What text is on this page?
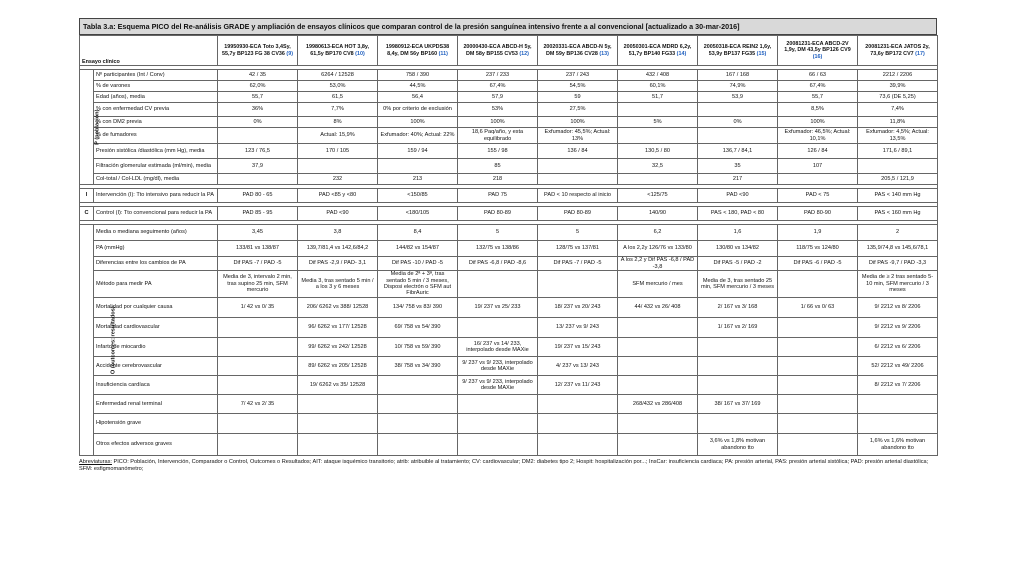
Tabla 3.a: Esquema PICO del Re-análisis GRADE y ampliación de ensayos clínicos que comparan control de la presión sanguínea intensivo frente a al convencional [actualizado a 30-mar-2016]
Ensayo clínico		19950930-ECA Toto 3,4Sy, 55,7y BP123 FG 38 CV36 (9)	19980613-ECA HOT 3,8y, 61,5y BP170 CV8 (10)	19980912-ECA UKPDS38 8,4y, DM 56y BP160 (11)	20000430-ECA ABCD-H 5y, DM 58y BP155 CV53 (12)	20020331-ECA ABCD-N 5y, DM 59y BP136 CV28 (13)	20050301-ECA MDRD 6,2y, 51,7y BP140 FG33 (14)	20050318-ECA REIN2 1,6y, 53,9y BP137 FG35 (15)	20081231-ECA ABCD-2V 1,9y, DM 43,5y BP126 CV9 (16)	20081231-ECA JATOS 2y, 73,6y BP172 CV7 (17)

P (población)	Nº participantes (Int / Conv)	42 / 35	6264 / 12528	758 / 390	237 / 233	237 / 243	432 / 408	167 / 168	66 / 63	2212 / 2206
	% de varones	62,0%	53,0%	44,5%	67,4%	54,5%	60,1%	74,9%	67,4%	39,9%
	Edad (años), media	55,7	61,5	56,4	57,9	59	51,7	53,9	55,7	73,6 (DE 5,25)
	% con enfermedad CV previa	36%	7,7%	0% por criterio de exclusión	53%	27,5%			8,5%	7,4%
	% con DM2 previa	0%	8%	100%	100%	100%	5%	0%	100%	11,8%
	% de fumadores		Actual: 15,9%	Exfumador: 40%; Actual: 22%	18,6 Paq/año, y esta equilibrado	Exfumador: 45,5%; Actual: 13%			Exfumador: 46,5%; Actual: 10,1%	Exfumador: 4,5%; Actual: 13,5%
	Presión sistólica /diastólica (mm Hg), media	123 / 76,5	170 / 105	159 / 94	155 / 98	136 / 84	130,5 / 80	136,7 / 84,1	126 / 84	171,6 / 89,1
	Filtración glomerular estimada (ml/min), media	37,9			85		32,5	35	107	
	Col-total / Col-LDL (mg/dl), media		232	213	218			217		205,5 / 121,9

I	Intervención (I): Tto intensivo para reducir la PA	PAD 80 - 65	PAD <85 y <80	<150/85	PAD 75	PAD < 10 respecto al inicio	<125/75	PAD <90	PAD < 75	PAS < 140 mm Hg

C	Control (I): Tto convencional para reducir la PA	PAD 85 - 95	PAD <90	<180/105	PAD 80-89	PAD 80-89	140/90	PAS < 180, PAD < 80	PAD 80-90	PAS < 160 mm Hg

O (outcomes: resultados)	Media o mediana seguimento (años)	3,45	3,8	8,4	5	5	6,2	1,6	1,9	2
	PA (mmHg)	133/81 vs 138/87	139,7/81,4 vs 142,6/84,2	144/82 vs 154/87	132/75 vs 138/86	128/75 vs 137/81	A los 2,2y 126/76 vs 133/80	130/80 vs 134/82	118/75 vs 124/80	135,9/74,8 vs 145,6/78,1
	Diferencias entre los cambios de PA	Dif PAS -7 / PAD -5	Dif PAS -2,9 / PAD- 3,1	Dif PAS -10 / PAD -5	Dif PAS -6,8 / PAD -8,6	Dif PAS -7 / PAD -5	A los 2,2 y Dif PAS -6,8 / PAD -3,8	Dif PAS -5 / PAD -2	Dif PAS -6 / PAD -5	Dif PAS -9,7 / PAD -3,3
	Método para medir PA	Media de 3, intervalo 2 min, tras supino 25 min, SFM mercurio	Media 3, tras sentado 5 min / a los 3 y 6 meses	Media de 2ª + 3ª, tras sentado 5 min / 3 meses, Disposi electrón o SFM aut FibrAuric			SFM mercurio / mes	Media de 3, tras sentado 25 min, SFM mercurio / 3 meses		Media de ≥ 2 tras sentado 5-10 min, SFM mercurio / 3 meses
	Mortalidad por cualquier causa	1/ 42 vs 0/ 35	206/ 6262 vs 388/ 12528	134/ 758 vs 83/ 390	19/ 237 vs 25/ 233	18/ 237 vs 20/ 243	44/ 432 vs 26/ 408	2/ 167 vs 3/ 168	1/ 66 vs 0/ 63	9/ 2212 vs 8/ 2206
	Mortalidad cardiovascular		96/ 6262 vs 177/ 12528	69/ 758 vs 54/ 390		13/ 237 vs 9/ 243		1/ 167 vs 2/ 169		9/ 2212 vs 9/ 2206
	Infarto de miocardio		99/ 6262 vs 242/ 12528	10/ 758 vs 59/ 390	16/ 237 vs 14/ 233, interpolado desde MAXie	19/ 237 vs 15/ 243				6/ 2212 vs 6/ 2206
	Accidente cerebrovascular		89/ 6262 vs 205/ 12528	38/ 758 vs 34/ 390	9/ 237 vs 9/ 233, interpolado desde MAXie	4/ 237 vs 13/ 243				52/ 2212 vs 49/ 2206
	Insuficiencia cardíaca		19/ 6262 vs 35/ 12528		9/ 237 vs 9/ 233, interpolado desde MAXie	12/ 237 vs 11/ 243				8/ 2212 vs 7/ 2206
	Enfermedad renal terminal	7/ 42 vs 2/ 35					268/432 vs 286/408	38/ 167 vs 37/ 169		
	Hipotensión grave									
	Otros efectos adversos graves							3,6% vs 1,8% motivan abandono tto		1,6% vs 1,6% motivan abandono tto
Abreviaturas: PICO: Población, Intervención, Comparador o Control, Outcomes o Resultados; AIT: ataque isquémico transitorio; atrib: atribuible al tratamiento; CV: cardiovascular; DM2: diabetes tipo 2; Hospit: hospitalización por...; InsCar: insuficiencia cardiaca; PA: presión arterial, PAS: presión arterial sistólica; PAD: presión arterial diastólica; SFM: esfigmomanómetro;
